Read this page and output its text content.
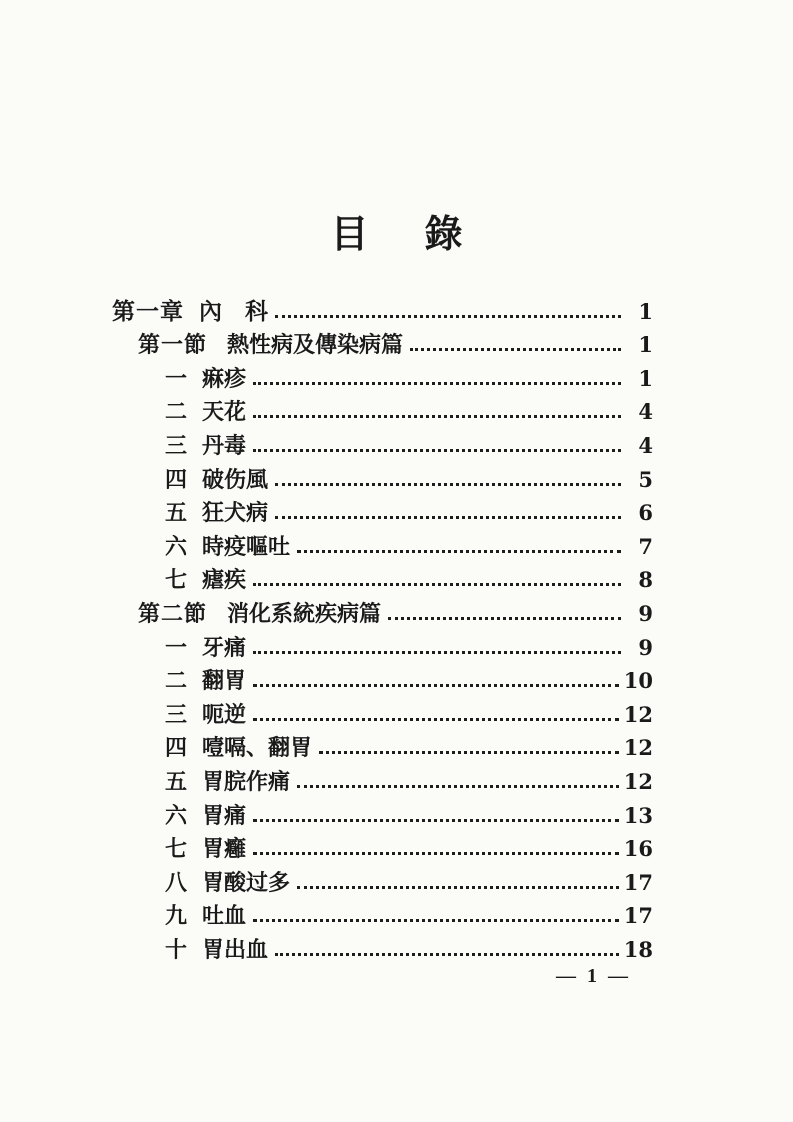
目 錄
第一章 內　科	1
第一節 熱性病及傳染病篇	1
一 痳疹	1
二 天花	4
三 丹毒	4
四 破伤風	5
五 狂犬病	6
六 時疫嘔吐	7
七 瘧疾	8
第二節 消化系統疾病篇	9
一 牙痛	9
二 翻胃	10
三 呃逆	12
四 噎嗝、翻胃	12
五 胃脘作痛	12
六 胃痛	13
七 胃癰	16
八 胃酸过多	17
九 吐血	17
十 胃出血	18
— 1 —
